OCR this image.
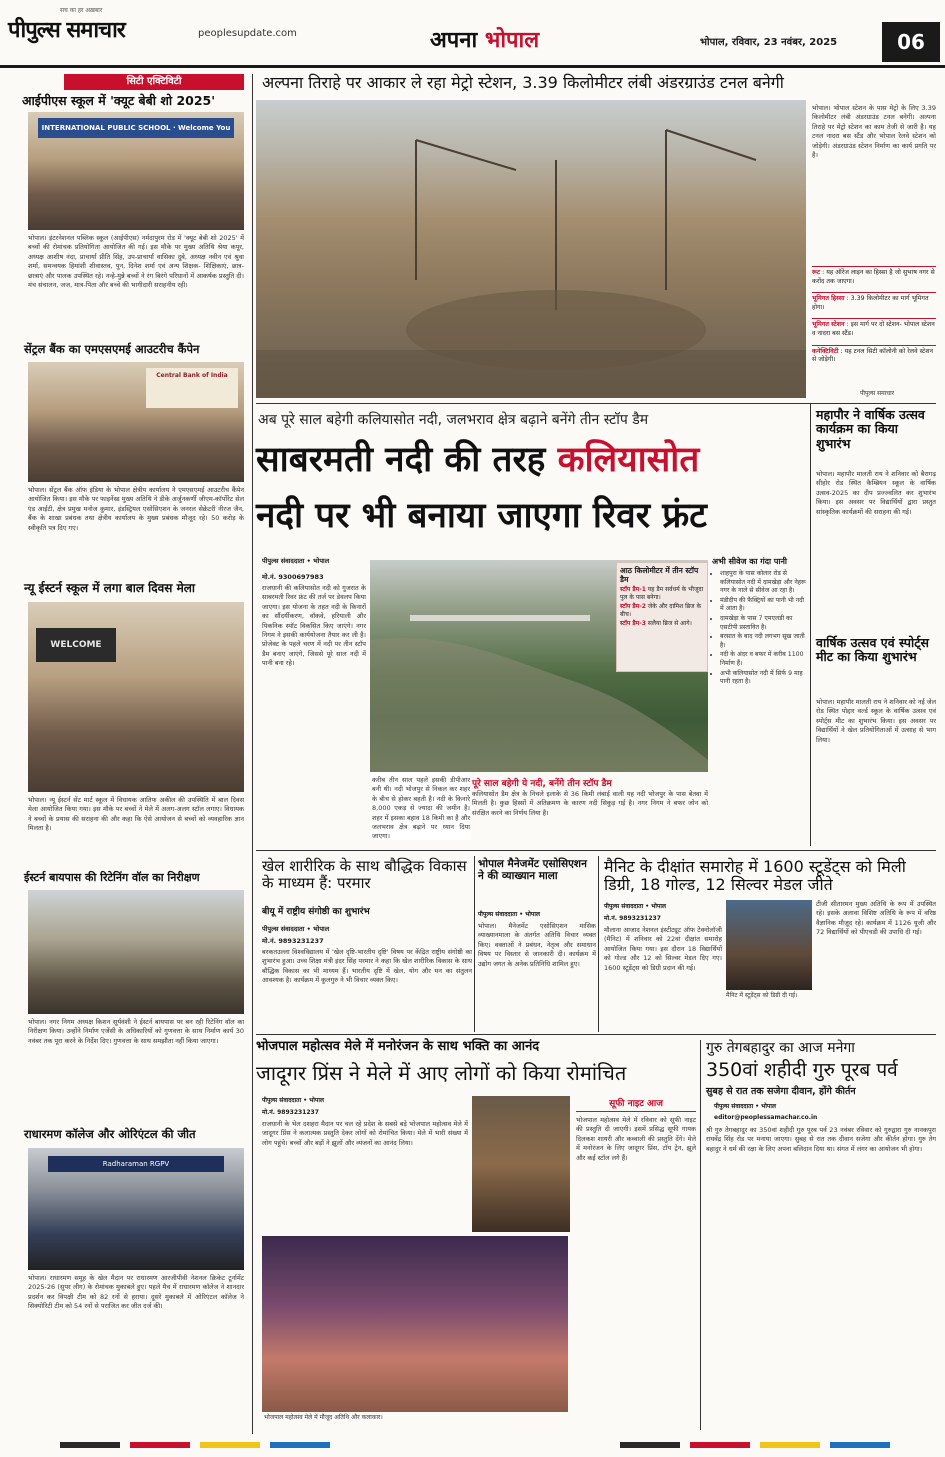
सच का हर अख़बार
पीपुल्स समाचार	peoplesupdate.com	अपना भोपाल	भोपाल, रविवार, 23 नवंबर, 2025	06
सिटी एक्टिविटी
आईपीएस स्कूल में 'क्यूट बेबी शो 2025'
INTERNATIONAL PUBLIC SCHOOL · Welcome You
भोपाल। इंटरनेशनल पब्लिक स्कूल (आईपीएस) नर्मदापुरम रोड में 'क्यूट बेबी शो 2025' में बच्चों की रोमांचक प्रतियोगिता आयोजित की गई। इस मौके पर मुख्य अतिथि श्रेया कपूर, अध्यक्ष आशीष नंदा, प्राचार्या प्रीति सिंह, उप-प्राचार्या वासिका दुबे, अध्यक्ष नवीन एवं श्रुवा शर्मा, समन्वयक हिमांशी शीवास्तव, पुन, दिनेश शर्मा एवं अन्य शिक्षक- शिक्षिकाएं, छात्र-छात्राएं और पालक उपस्थित रहे। नन्हे-मुन्ने बच्चों ने रंग बिरंगे परिधानों में आकर्षक प्रस्तुति दी। मंच संचालन, जज, मात्र-पिता और बच्चे की भागीदारी सराहनीय रही।
सेंट्रल बैंक का एमएसएमई आउटरीच कैंपेन
Central Bank of India
भोपाल। सेंट्रल बैंक ऑफ इंडिया के भोपाल क्षेत्रीय कार्यालय ने एमएसएमई आउटरीच कैंपेन आयोजित किया। इस मौके पर फाइनेंस्ड मुख्य अतिथि ने डीके अर्जुनकर्णी जीएम-कॉर्पोरेट सेल एंड आईटी, क्षेत्र प्रमुख मनोज कुमार, इंडस्ट्रियल एसोसिएशन के जनरल सेक्रेटरी नीरज जैन, बैंक के शाखा प्रबंधक तथा क्षेत्रीय कार्यालय के मुख्य प्रबंधक मौजूद रहे। 50 करोड़ के स्वीकृति पत्र दिए गए।
न्यू ईस्टर्न स्कूल में लगा बाल दिवस मेला
WELCOME
भोपाल। न्यू ईस्टर्न सेंट मार्ट स्कूल में विधायक आतिफ अकील की उपस्थिति में बाल दिवस मेला आयोजित किया गया। इस मौके पर बच्चों ने मेले में अलग-अलग स्टॉल लगाए। विधायक ने बच्चों के प्रयास की सराहना की और कहा कि ऐसे आयोजन से बच्चों को व्यवहारिक ज्ञान मिलता है।
ईस्टर्न बायपास की रिटेनिंग वॉल का निरीक्षण
भोपाल। नगर निगम अध्यक्ष किशन सूर्यवंशी ने ईस्टर्न बायपास पर बन रही रिटेनिंग वॉल का निरीक्षण किया। उन्होंने निर्माण एजेंसी के अधिकारियों को गुणवत्ता के साथ निर्माण कार्य 30 नवंबर तक पूरा करने के निर्देश दिए। गुणवत्ता के साथ समझौता नहीं किया जाएगा।
राधारमण कॉलेज और ओरिएंटल की जीत
Radharaman RGPV
भोपाल। राधारमण समूह के खेल मैदान पर राधारमण आरजीपीवी नेशनल क्रिकेट टूर्नामेंट 2025-26 (सुपर लीग) के रोमांचक मुकाबले हुए। पहले मैच में राधारमण कॉलेज ने शानदार प्रदर्शन कर विपक्षी टीम को 82 रनों से हराया। दूसरे मुकाबले में ओरिएंटल कॉलेज ने सिक्योरिटी टीम को 54 रनों से पराजित कर जीत दर्ज की।
अल्पना तिराहे पर आकार ले रहा मेट्रो स्टेशन, 3.39 किलोमीटर लंबी अंडरग्राउंड टनल बनेगी
भोपाल। भोपाल स्टेशन के पास मेट्रो के लिए 3.39 किलोमीटर लंबी अंडरग्राउंड टनल बनेगी। अल्पना तिराहे पर मेट्रो स्टेशन का काम तेजी से जारी है। यह टनल नादरा बस स्टैंड और भोपाल रेलवे स्टेशन को जोड़ेगी। अंडरग्राउंड स्टेशन निर्माण का कार्य प्रगति पर है।
रूट : यह ऑरेंज लाइन का हिस्सा है जो सुभाष नगर से करोंद तक जाएगा।
भूमिगत हिस्सा : 3.39 किलोमीटर का मार्ग भूमिगत होगा।
भूमिगत स्टेशन : इस मार्ग पर दो स्टेशन- भोपाल स्टेशन व नादरा बस स्टैंड।
कनेक्टिविटी : यह टनल सिटी कॉलोनी को रेलवे स्टेशन से जोड़ेगी।
पीपुल्स समाचार
अब पूरे साल बहेगी कलियासोत नदी, जलभराव क्षेत्र बढ़ाने बनेंगे तीन स्टॉप डैम
साबरमती नदी की तरह कलियासोत
नदी पर भी बनाया जाएगा रिवर फ्रंट
पीपुल्स संवाददाता • भोपाल
मो.नं. 9300697983
राजधानी की कलियासोत नदी को गुजरात के साबरमती रिवर फ्रंट की तर्ज पर डेवलप किया जाएगा। इस योजना के तहत नदी के किनारों का सौंदर्यीकरण, वॉकवे, हरियाली और पिकनिक स्पॉट विकसित किए जाएंगे। नगर निगम ने इसकी कार्ययोजना तैयार कर ली है। प्रोजेक्ट के पहले चरण में नदी पर तीन स्टॉप डैम बनाए जाएंगे, जिससे पूरे साल नदी में पानी बना रहे।
आठ किलोमीटर में तीन स्टॉप डैम
स्टॉप डैम-1 यह डैम सर्वधर्म के भीजूदा पुल के पास बनेगा।
स्टॉप डैम-2 जेके और दामिश ब्रिज के बीच।
स्टॉप डैम-3 सलैया ब्रिज से आगे।
पूरे साल बहेगी ये नदी, बनेंगे तीन स्टॉप डैम
करीब तीन साल पहले इसकी डीपीआर बनी थी। नदी भोजपुर से निकल कर शहर के बीच से होकर बहती है। नदी के किनारे 8,000 एकड़ से ज्यादा की जमीन है। शहर में इसका बहाव 18 किमी का है और जलभराव क्षेत्र बढ़ाने पर ध्यान दिया जाएगा।
कलियासोत डैम क्षेत्र के निचले इलाके से 36 किमी लंबाई वाली यह नदी भोजपुर के पास बेतवा में मिलती है। कुछ हिस्सों में अतिक्रमण के कारण नदी सिकुड़ गई है। नगर निगम ने बफर जोन को संरक्षित करने का निर्णय लिया है।
अभी सीवेज का गंदा पानी
• शाहपुरा के पास कोलार रोड से कलियासोत नदी में दामखेड़ा और नेहरू नगर के नाले से सीवेज आ रहा है।
• मंडीदीप की फैक्ट्रियों का पानी भी नदी में आता है।
• दामखेड़ा के पास 7 एमएलडी का एसटीपी प्रस्तावित है।
• बरसात के बाद नदी लगभग सूख जाती है।
• नदी के अंदर व बफर में करीब 1100 निर्माण हैं।
• अभी कलियासोत नदी में सिर्फ 9 माह पानी रहता है।
महापौर ने वार्षिक उत्सव कार्यक्रम का किया शुभारंभ
भोपाल। महापौर मालती राय ने शनिवार को बैरागढ़ सीहोर रोड स्थित कैम्ब्रियन स्कूल के वार्षिक उत्सव-2025 का दीप प्रज्ज्वलित कर शुभारंभ किया। इस अवसर पर विद्यार्थियों द्वारा प्रस्तुत सांस्कृतिक कार्यक्रमों की सराहना की गई।
वार्षिक उत्सव एवं स्पोर्ट्स मीट का किया शुभारंभ
भोपाल। महापौर मालती राय ने शनिवार को नई जेल रोड स्थित पोद्दार वर्ल्ड स्कूल के वार्षिक उत्सव एवं स्पोर्ट्स मीट का शुभारंभ किया। इस अवसर पर विद्यार्थियों ने खेल प्रतियोगिताओं में उत्साह से भाग लिया।
खेल शारीरिक के साथ बौद्धिक विकास के माध्यम हैं: परमार
बीयू में राष्ट्रीय संगोष्ठी का शुभारंभ
पीपुल्स संवाददाता • भोपाल
मो.नं. 9893231237
बरकतउल्ला विश्वविद्यालय में 'खेल दृष्टि-भारतीय दृष्टि' विषय पर केंद्रित राष्ट्रीय संगोष्ठी का शुभारंभ हुआ। उच्च शिक्षा मंत्री इंदर सिंह परमार ने कहा कि खेल शारीरिक विकास के साथ बौद्धिक विकास का भी माध्यम हैं। भारतीय दृष्टि में खेल, योग और मन का संतुलन आवश्यक है। कार्यक्रम में कुलगुरु ने भी विचार व्यक्त किए।
भोपाल मैनेजमेंट एसोसिएशन ने की व्याख्यान माला
पीपुल्स संवाददाता • भोपाल
भोपाल। मैनेजमेंट एसोसिएशन मासिक व्याख्यानमाला के अंतर्गत अतिथि विचार व्यक्त किए। वक्ताओं ने प्रबंधन, नेतृत्व और समाधान विषय पर विस्तार से जानकारी दी। कार्यक्रम में उद्योग जगत के अनेक प्रतिनिधि शामिल हुए।
मैनिट के दीक्षांत समारोह में 1600 स्टूडेंट्स को मिली डिग्री, 18 गोल्ड, 12 सिल्वर मेडल जीते
पीपुल्स संवाददाता • भोपाल
मो.नं. 9893231237
मौलाना आजाद नेशनल इंस्टीट्यूट ऑफ टेक्नोलॉजी (मैनिट) में शनिवार को 22वां दीक्षांत समारोह आयोजित किया गया। इस दौरान 18 विद्यार्थियों को गोल्ड और 12 को सिल्वर मेडल दिए गए। 1600 स्टूडेंट्स को डिग्री प्रदान की गई।
मैनिट में स्टूडेंट्स को डिग्री दी गई।
टीजी सीतारमन मुख्य अतिथि के रूप में उपस्थित रहे। इसके अलावा विशिष्ट अतिथि के रूप में वरिष्ठ वैज्ञानिक मौजूद रहे। कार्यक्रम में 1126 यूजी और 72 विद्यार्थियों को पीएचडी की उपाधि दी गई।
भोजपाल महोत्सव मेले में मनोरंजन के साथ भक्ति का आनंद
जादूगर प्रिंस ने मेले में आए लोगों को किया रोमांचित
पीपुल्स संवाददाता • भोपाल
मो.नं. 9893231237
राजधानी के भेल दशहरा मैदान पर चल रहे प्रदेश के सबसे बड़े भोजपाल महोत्सव मेले में जादूगर प्रिंस ने कलात्मक प्रस्तुति देकर लोगों को रोमांचित किया। मेले में भारी संख्या में लोग पहुंचे। बच्चों और बड़ों ने झूलों और व्यंजनों का आनंद लिया।
भोजपाल महोत्सव मेले में मौजूद अतिथि और कलाकार।
सूफी नाइट आज
भोजपाल महोत्सव मेले में रविवार को सूफी नाइट की प्रस्तुति दी जाएगी। इसमें प्रसिद्ध सूफी गायक दिलकश शायरी और कव्वाली की प्रस्तुति देंगे। मेले में मनोरंजन के लिए जादूगर प्रिंस, टॉय ट्रेन, झूले और कई स्टॉल लगे हैं।
गुरु तेगबहादुर का आज मनेगा
350वां शहीदी गुरु पूरब पर्व
सुबह से रात तक सजेगा दीवान, होंगे कीर्तन
पीपुल्स संवाददाता • भोपाल
editor@peoplessamachar.co.in
श्री गुरु तेगबहादुर का 350वां शहीदी गुरु पूरब पर्व 23 नवंबर रविवार को गुरुद्वारा गुरु नानकपुरा राघवेंद्र सिंह रोड पर मनाया जाएगा। सुबह से रात तक दीवान सजेगा और कीर्तन होगा। गुरु तेग बहादुर ने धर्म की रक्षा के लिए अपना बलिदान दिया था। संगत में लंगर का आयोजन भी होगा।
